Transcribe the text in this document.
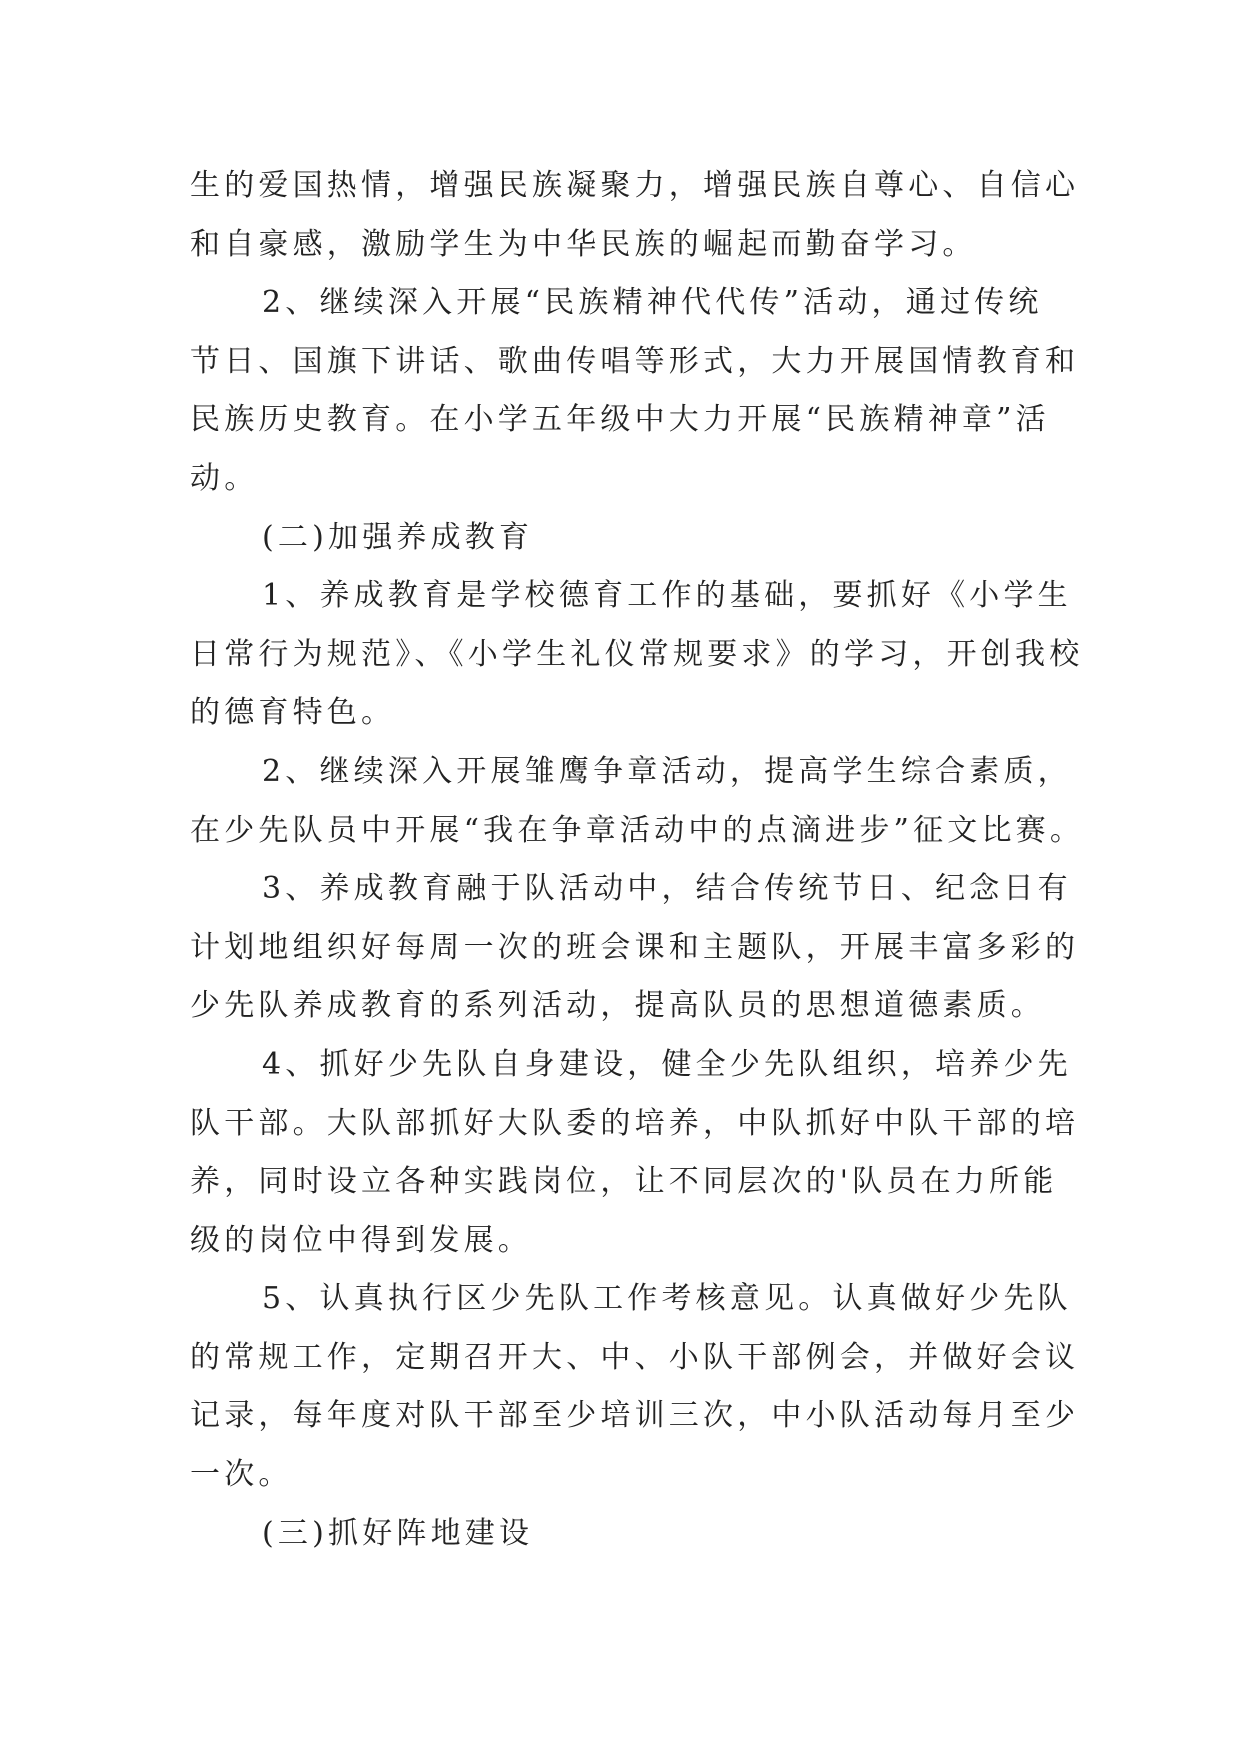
生的爱国热情，增强民族凝聚力，增强民族自尊心、自信心
和自豪感，激励学生为中华民族的崛起而勤奋学习。
2、继续深入开展“民族精神代代传”活动，通过传统
节日、国旗下讲话、歌曲传唱等形式，大力开展国情教育和
民族历史教育。在小学五年级中大力开展“民族精神章”活
动。
(二)加强养成教育
1、养成教育是学校德育工作的基础，要抓好《小学生
日常行为规范》、《小学生礼仪常规要求》的学习，开创我校
的德育特色。
2、继续深入开展雏鹰争章活动，提高学生综合素质，
在少先队员中开展“我在争章活动中的点滴进步”征文比赛。
3、养成教育融于队活动中，结合传统节日、纪念日有
计划地组织好每周一次的班会课和主题队，开展丰富多彩的
少先队养成教育的系列活动，提高队员的思想道德素质。
4、抓好少先队自身建设，健全少先队组织，培养少先
队干部。大队部抓好大队委的培养，中队抓好中队干部的培
养，同时设立各种实践岗位，让不同层次的'队员在力所能
级的岗位中得到发展。
5、认真执行区少先队工作考核意见。认真做好少先队
的常规工作，定期召开大、中、小队干部例会，并做好会议
记录，每年度对队干部至少培训三次，中小队活动每月至少
一次。
(三)抓好阵地建设
